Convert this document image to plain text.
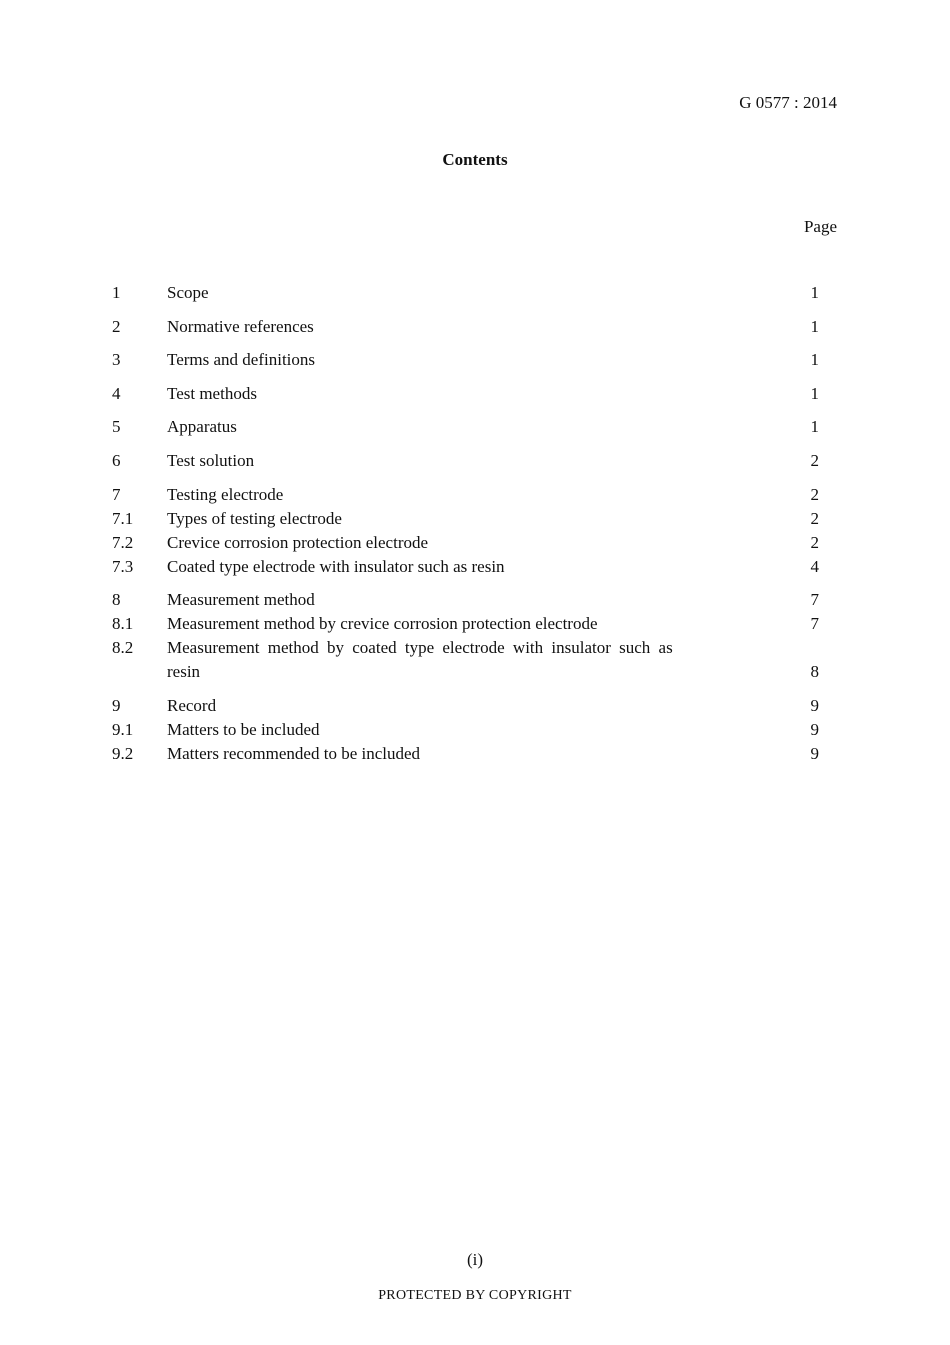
G 0577 : 2014
Contents
Page
1	Scope	1
2	Normative references	1
3	Terms and definitions	1
4	Test methods	1
5	Apparatus	1
6	Test solution	2
7	Testing electrode	2
7.1	Types of testing electrode	2
7.2	Crevice corrosion protection electrode	2
7.3	Coated type electrode with insulator such as resin	4
8	Measurement method	7
8.1	Measurement method by crevice corrosion protection electrode	7
8.2	Measurement method by coated type electrode with insulator such as
resin	8
9	Record	9
9.1	Matters to be included	9
9.2	Matters recommended to be included	9
(i)
PROTECTED BY COPYRIGHT
